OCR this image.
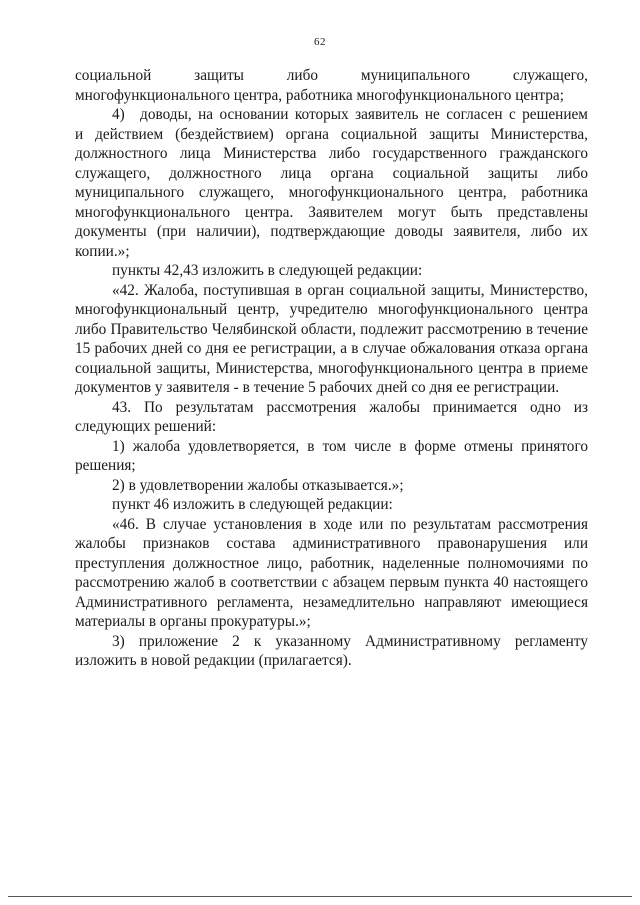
62

социальной защиты либо муниципального служащего, многофункционального центра, работника многофункционального центра;

4) доводы, на основании которых заявитель не согласен с решением и действием (бездействием) органа социальной защиты Министерства, должностного лица Министерства либо государственного гражданского служащего, должностного лица органа социальной защиты либо муниципального служащего, многофункционального центра, работника многофункционального центра. Заявителем могут быть представлены документы (при наличии), подтверждающие доводы заявителя, либо их копии.»;

пункты 42,43 изложить в следующей редакции:

«42. Жалоба, поступившая в орган социальной защиты, Министерство, многофункциональный центр, учредителю многофункционального центра либо Правительство Челябинской области, подлежит рассмотрению в течение 15 рабочих дней со дня ее регистрации, а в случае обжалования отказа органа социальной защиты, Министерства, многофункционального центра в приеме документов у заявителя - в течение 5 рабочих дней со дня ее регистрации.

43. По результатам рассмотрения жалобы принимается одно из следующих решений:

1) жалоба удовлетворяется, в том числе в форме отмены принятого решения;

2) в удовлетворении жалобы отказывается.»;

пункт 46 изложить в следующей редакции:

«46. В случае установления в ходе или по результатам рассмотрения жалобы признаков состава административного правонарушения или преступления должностное лицо, работник, наделенные полномочиями по рассмотрению жалоб в соответствии с абзацем первым пункта 40 настоящего Административного регламента, незамедлительно направляют имеющиеся материалы в органы прокуратуры.»;

3) приложение 2 к указанному Административному регламенту изложить в новой редакции (прилагается).
